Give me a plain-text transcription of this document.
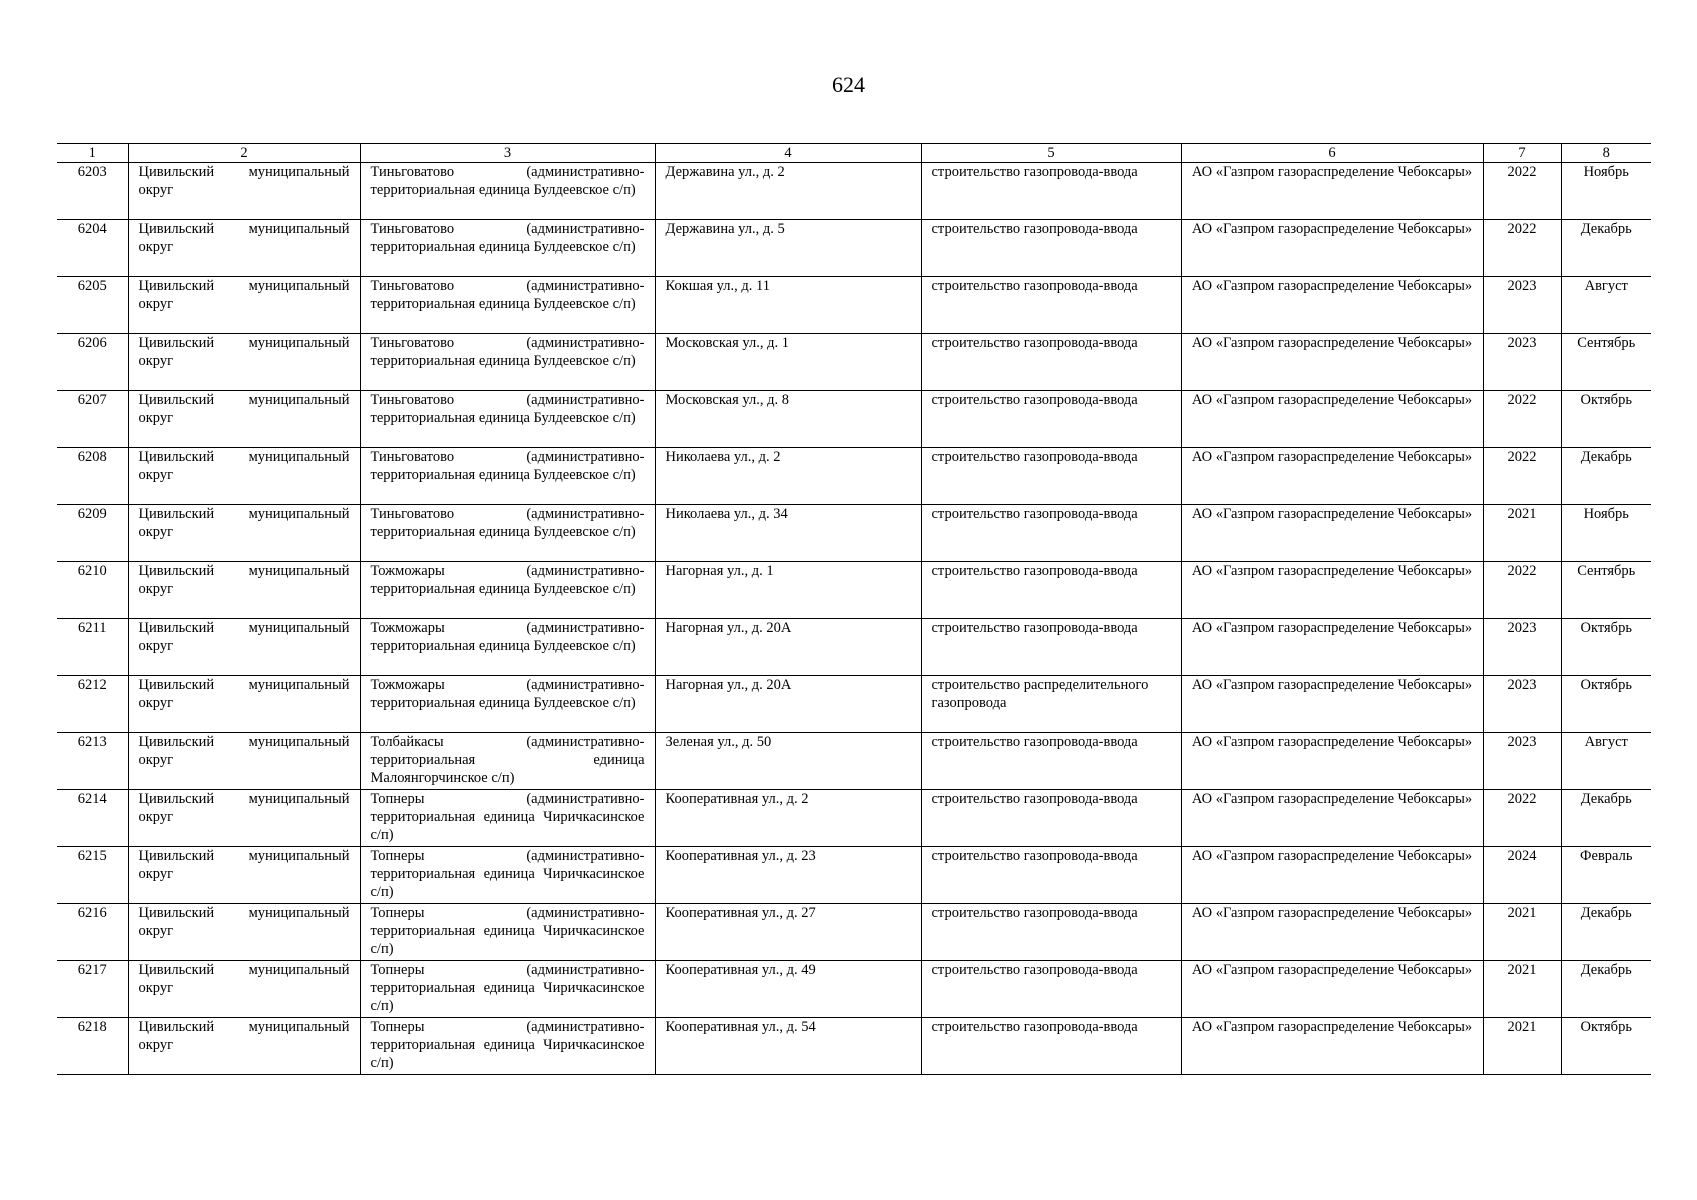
624
1	2	3	4	5	6	7	8
6203	Цивильский муниципальный округ	Тиньговатово (административно-территориальная единица Булдеевское с/п)	Державина ул., д. 2	строительство газопровода-ввода	АО «Газпром газораспределение Чебоксары»	2022	Ноябрь
6204	Цивильский муниципальный округ	Тиньговатово (административно-территориальная единица Булдеевское с/п)	Державина ул., д. 5	строительство газопровода-ввода	АО «Газпром газораспределение Чебоксары»	2022	Декабрь
6205	Цивильский муниципальный округ	Тиньговатово (административно-территориальная единица Булдеевское с/п)	Кокшая ул., д. 11	строительство газопровода-ввода	АО «Газпром газораспределение Чебоксары»	2023	Август
6206	Цивильский муниципальный округ	Тиньговатово (административно-территориальная единица Булдеевское с/п)	Московская ул., д. 1	строительство газопровода-ввода	АО «Газпром газораспределение Чебоксары»	2023	Сентябрь
6207	Цивильский муниципальный округ	Тиньговатово (административно-территориальная единица Булдеевское с/п)	Московская ул., д. 8	строительство газопровода-ввода	АО «Газпром газораспределение Чебоксары»	2022	Октябрь
6208	Цивильский муниципальный округ	Тиньговатово (административно-территориальная единица Булдеевское с/п)	Николаева ул., д. 2	строительство газопровода-ввода	АО «Газпром газораспределение Чебоксары»	2022	Декабрь
6209	Цивильский муниципальный округ	Тиньговатово (административно-территориальная единица Булдеевское с/п)	Николаева ул., д. 34	строительство газопровода-ввода	АО «Газпром газораспределение Чебоксары»	2021	Ноябрь
6210	Цивильский муниципальный округ	Тожможары (административно-территориальная единица Булдеевское с/п)	Нагорная ул., д. 1	строительство газопровода-ввода	АО «Газпром газораспределение Чебоксары»	2022	Сентябрь
6211	Цивильский муниципальный округ	Тожможары (административно-территориальная единица Булдеевское с/п)	Нагорная ул., д. 20А	строительство газопровода-ввода	АО «Газпром газораспределение Чебоксары»	2023	Октябрь
6212	Цивильский муниципальный округ	Тожможары (административно-территориальная единица Булдеевское с/п)	Нагорная ул., д. 20А	строительство распределительного газопровода	АО «Газпром газораспределение Чебоксары»	2023	Октябрь
6213	Цивильский муниципальный округ	Толбайкасы (административно-территориальная единица Малоянгорчинское с/п)	Зеленая ул., д. 50	строительство газопровода-ввода	АО «Газпром газораспределение Чебоксары»	2023	Август
6214	Цивильский муниципальный округ	Топнеры (административно-территориальная единица Чиричкасинское с/п)	Кооперативная ул., д. 2	строительство газопровода-ввода	АО «Газпром газораспределение Чебоксары»	2022	Декабрь
6215	Цивильский муниципальный округ	Топнеры (административно-территориальная единица Чиричкасинское с/п)	Кооперативная ул., д. 23	строительство газопровода-ввода	АО «Газпром газораспределение Чебоксары»	2024	Февраль
6216	Цивильский муниципальный округ	Топнеры (административно-территориальная единица Чиричкасинское с/п)	Кооперативная ул., д. 27	строительство газопровода-ввода	АО «Газпром газораспределение Чебоксары»	2021	Декабрь
6217	Цивильский муниципальный округ	Топнеры (административно-территориальная единица Чиричкасинское с/п)	Кооперативная ул., д. 49	строительство газопровода-ввода	АО «Газпром газораспределение Чебоксары»	2021	Декабрь
6218	Цивильский муниципальный округ	Топнеры (административно-территориальная единица Чиричкасинское с/п)	Кооперативная ул., д. 54	строительство газопровода-ввода	АО «Газпром газораспределение Чебоксары»	2021	Октябрь
